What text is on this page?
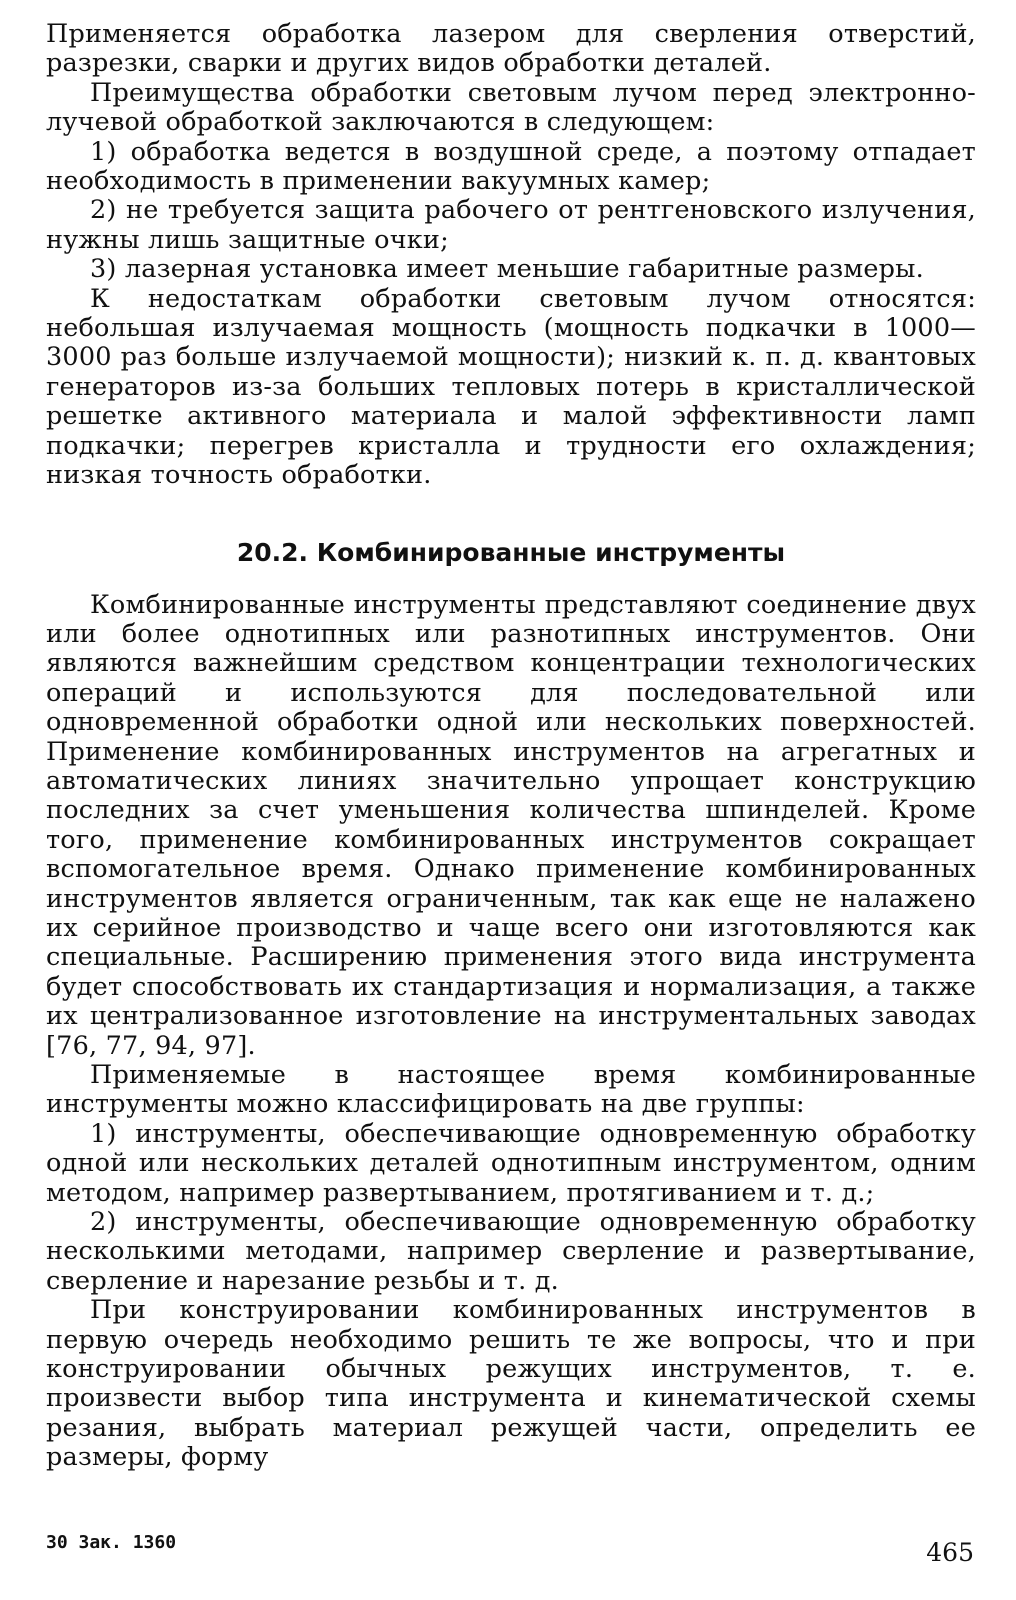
Применяется обработка лазером для сверления отверстий, разрезки, сварки и других видов обработки деталей.

Преимущества обработки световым лучом перед электронно-лучевой обработкой заключаются в следующем:

1) обработка ведется в воздушной среде, а поэтому отпадает необходимость в применении вакуумных камер;

2) не требуется защита рабочего от рентгеновского излучения, нужны лишь защитные очки;

3) лазерная установка имеет меньшие габаритные размеры.

К недостаткам обработки световым лучом относятся: небольшая излучаемая мощность (мощность подкачки в 1000—3000 раз больше излучаемой мощности); низкий к. п. д. квантовых генераторов из-за больших тепловых потерь в кристаллической решетке активного материала и малой эффективности ламп подкачки; перегрев кристалла и трудности его охлаждения; низкая точность обработки.

20.2. Комбинированные инструменты

Комбинированные инструменты представляют соединение двух или более однотипных или разнотипных инструментов. Они являются важнейшим средством концентрации технологических операций и используются для последовательной или одновременной обработки одной или нескольких поверхностей. Применение комбинированных инструментов на агрегатных и автоматических линиях значительно упрощает конструкцию последних за счет уменьшения количества шпинделей. Кроме того, применение комбинированных инструментов сокращает вспомогательное время. Однако применение комбинированных инструментов является ограниченным, так как еще не налажено их серийное производство и чаще всего они изготовляются как специальные. Расширению применения этого вида инструмента будет способствовать их стандартизация и нормализация, а также их централизованное изготовление на инструментальных заводах [76, 77, 94, 97].

Применяемые в настоящее время комбинированные инструменты можно классифицировать на две группы:

1) инструменты, обеспечивающие одновременную обработку одной или нескольких деталей однотипным инструментом, одним методом, например развертыванием, протягиванием и т. д.;

2) инструменты, обеспечивающие одновременную обработку несколькими методами, например сверление и развертывание, сверление и нарезание резьбы и т. д.

При конструировании комбинированных инструментов в первую очередь необходимо решить те же вопросы, что и при конструировании обычных режущих инструментов, т. е. произвести выбор типа инструмента и кинематической схемы резания, выбрать материал режущей части, определить ее размеры, форму

30 Зак. 1360	465
